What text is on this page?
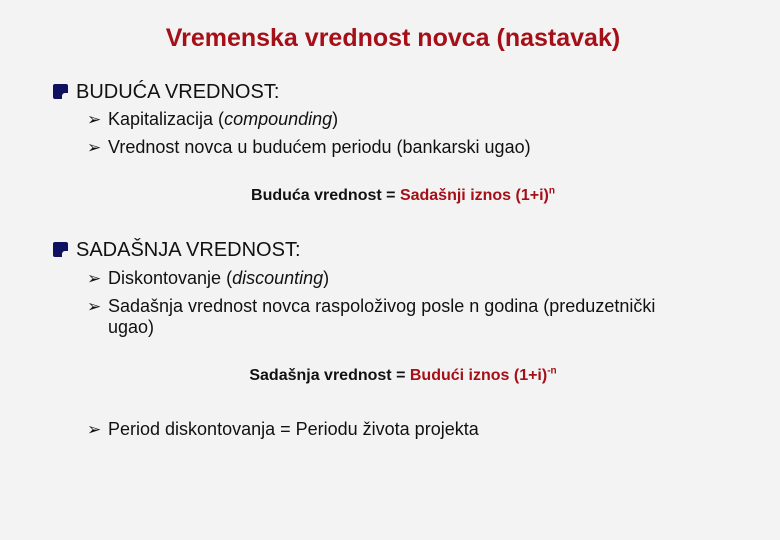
Vremenska vrednost novca (nastavak)
BUDUĆA VREDNOST:
➢ Kapitalizacija (compounding)
➢ Vrednost novca u budućem periodu (bankarski ugao)
Buduća vrednost = Sadašnji iznos $(1+i)^n$
SADAŠNJA VREDNOST:
➢ Diskontovanje (discounting)
➢ Sadašnja vrednost novca raspoloživog posle n godina (preduzetnički
ugao)
Sadašnja vrednost = Budući iznos $(1+i)^{-n}$
➢ Period diskontovanja = Periodu života projekta
